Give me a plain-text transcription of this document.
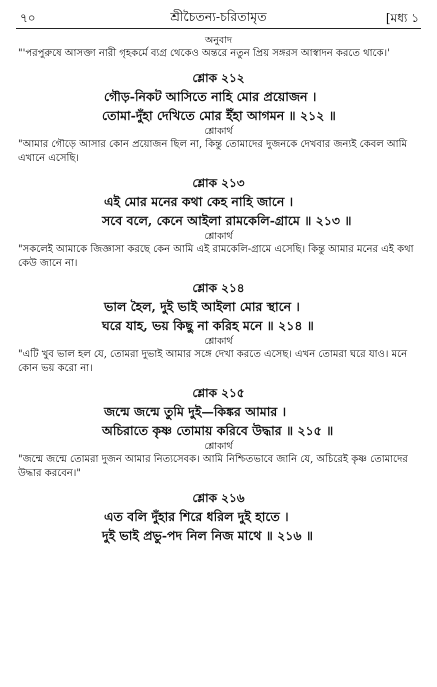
৭০	শ্রীচৈতন্য-চরিতামৃত	[মধ্য ১

অনুবাদ

"'পরপুরুষে আসক্তা নারী গৃহকর্মে ব্যগ্র থেকেও অন্তরে নতুন প্রিয় সঙ্গরস আস্বাদন করতে থাকে।'

শ্লোক ২১২

গৌড়-নিকট আসিতে নাহি মোর প্রয়োজন ।

তোমা-দুঁহা দেখিতে মোর ইঁহা আগমন ॥ ২১২ ॥

শ্লোকার্থ

"আমার গৌড়ে আসার কোন প্রয়োজন ছিল না, কিন্তু তোমাদের দুজনকে দেখবার জন্যই কেবল আমি এখানে এসেছি।

শ্লোক ২১৩

এই মোর মনের কথা কেহ নাহি জানে ।

সবে বলে, কেনে আইলা রামকেলি-গ্রামে ॥ ২১৩ ॥

শ্লোকার্থ

"সকলেই আমাকে জিজ্ঞাসা করছে কেন আমি এই রামকেলি-গ্রামে এসেছি। কিন্তু আমার মনের এই কথা কেউ জানে না।

শ্লোক ২১৪

ভাল হৈল, দুই ভাই আইলা মোর স্থানে ।

ঘরে যাহ, ভয় কিছু না করিহ মনে ॥ ২১৪ ॥

শ্লোকার্থ

"এটি খুব ভাল হল যে, তোমরা দুভাই আমার সঙ্গে দেখা করতে এসেছ। এখন তোমরা ঘরে যাও। মনে কোন ভয় করো না।

শ্লোক ২১৫

জন্মে জন্মে তুমি দুই—কিঙ্কর আমার ।

অচিরাতে কৃষ্ণ তোমায় করিবে উদ্ধার ॥ ২১৫ ॥

শ্লোকার্থ

"জন্মে জন্মে তোমরা দুজন আমার নিত্যসেবক। আমি নিশ্চিতভাবে জানি যে, অচিরেই কৃষ্ণ তোমাদের উদ্ধার করবেন।"

শ্লোক ২১৬

এত বলি দুঁহার শিরে ধরিল দুই হাতে ।

দুই ভাই প্রভু-পদ নিল নিজ মাথে ॥ ২১৬ ॥
